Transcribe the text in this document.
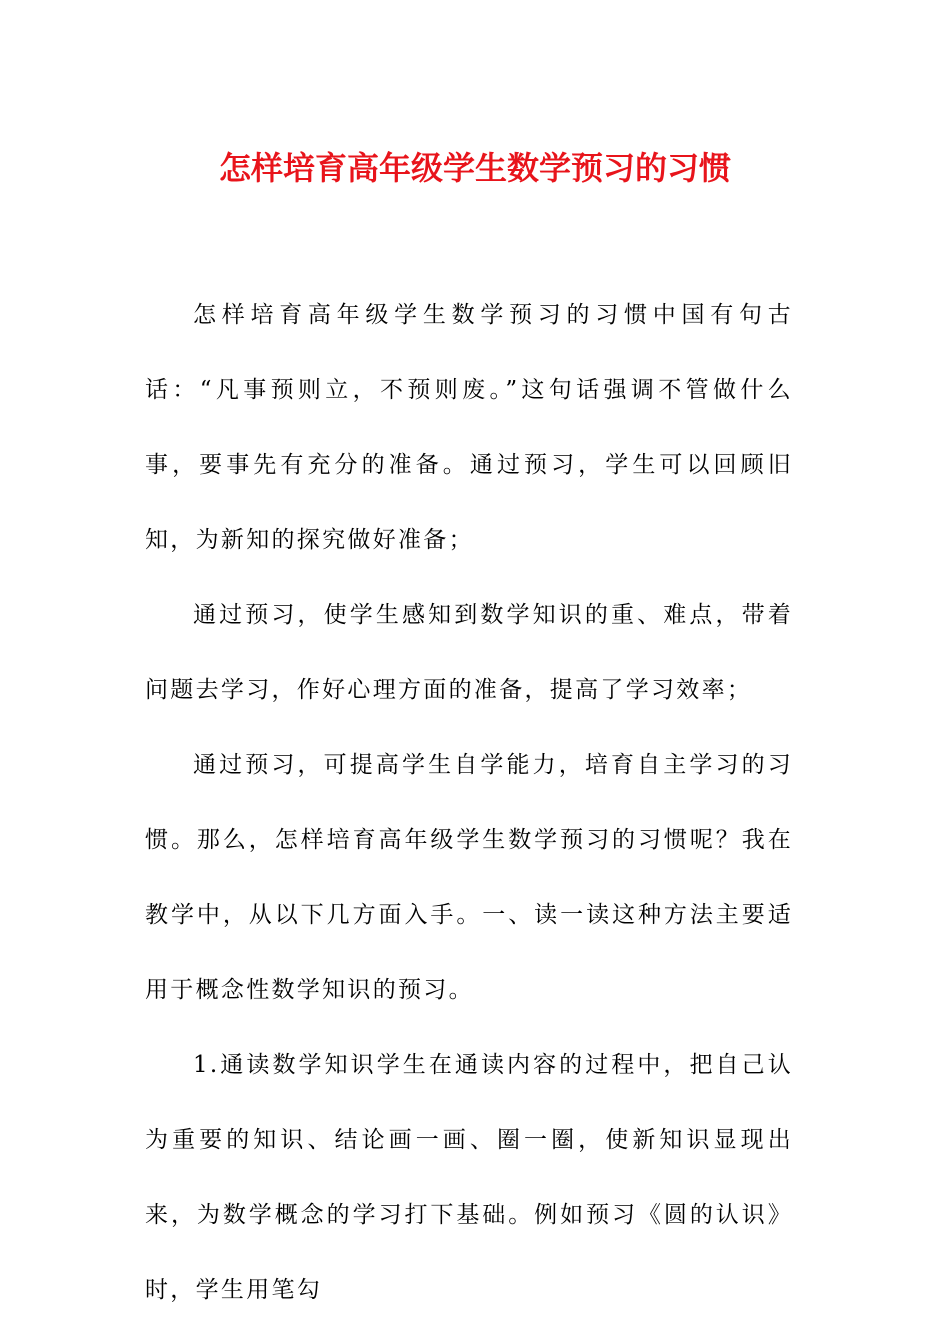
怎样培育高年级学生数学预习的习惯

怎样培育高年级学生数学预习的习惯中国有句古话：“凡事预则立，不预则废。”这句话强调不管做什么事，要事先有充分的准备。通过预习，学生可以回顾旧知，为新知的探究做好准备；

通过预习，使学生感知到数学知识的重、难点，带着问题去学习，作好心理方面的准备，提高了学习效率；

通过预习，可提高学生自学能力，培育自主学习的习惯。那么，怎样培育高年级学生数学预习的习惯呢？我在教学中，从以下几方面入手。一、读一读这种方法主要适用于概念性数学知识的预习。

1.通读数学知识学生在通读内容的过程中，把自己认为重要的知识、结论画一画、圈一圈，使新知识显现出来，为数学概念的学习打下基础。例如预习《圆的认识》时，学生用笔勾
